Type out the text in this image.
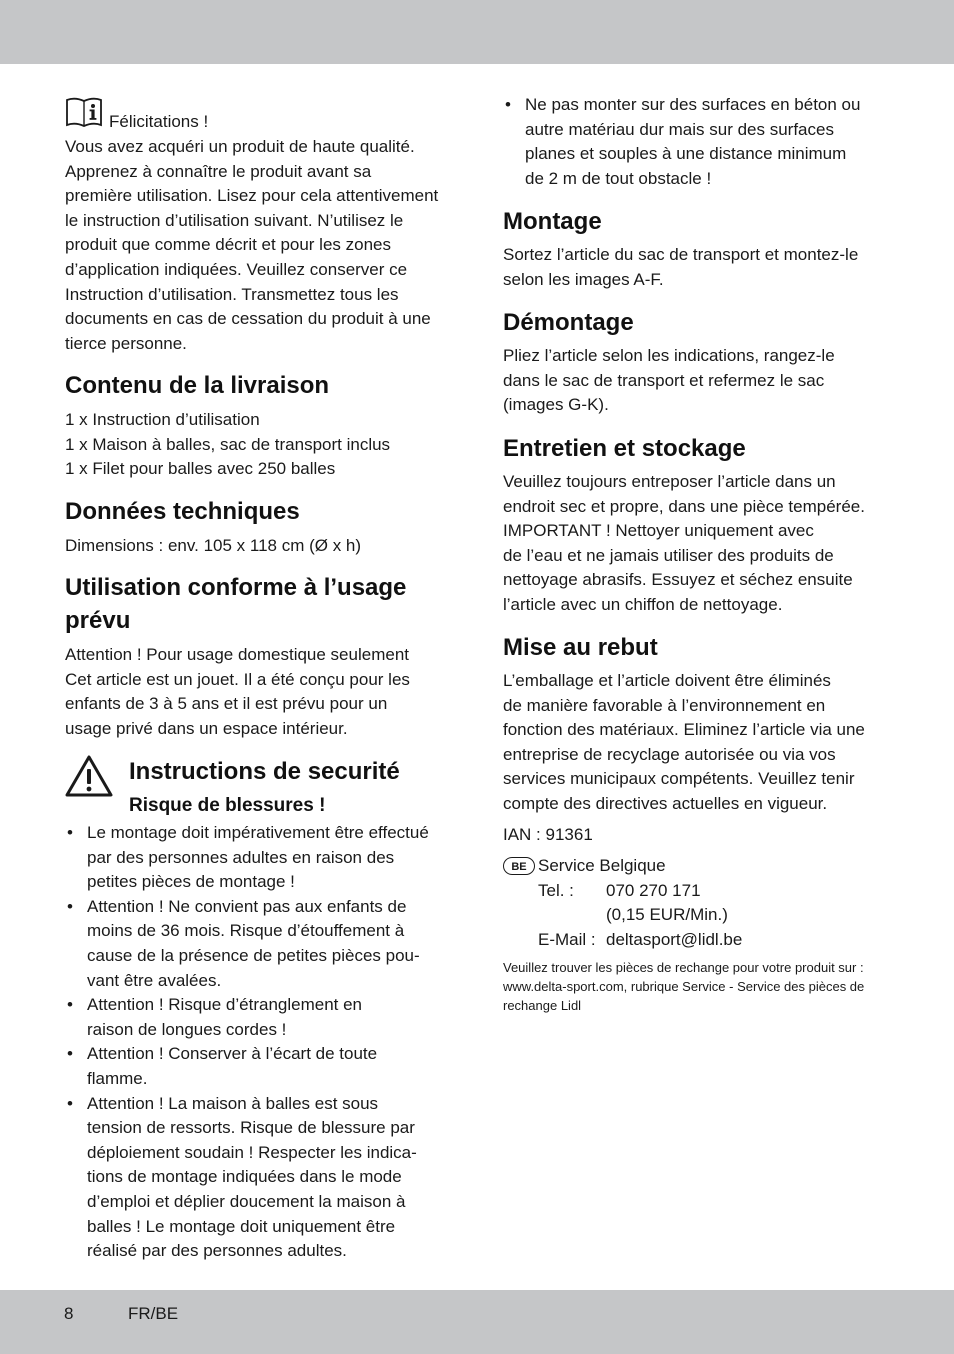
Félicitations !

Vous avez acquéri un produit de haute qualité.

Apprenez à connaître le produit avant sa

première utilisation. Lisez pour cela attentivement

le instruction d’utilisation suivant. N’utilisez le

produit que comme décrit et pour les zones

d’application indiquées. Veuillez conserver ce

Instruction d’utilisation. Transmettez tous les

documents en cas de cessation du produit à une

tierce personne.

Contenu de la livraison

1 x Instruction d’utilisation

1 x Maison à balles, sac de transport inclus

1 x Filet pour balles avec 250 balles

Données techniques

Dimensions : env. 105 x 118 cm (Ø x h)

Utilisation conforme à l’usage
prévu

Attention ! Pour usage domestique seulement

Cet article est un jouet. Il a été conçu pour les

enfants de 3 à 5 ans et il est prévu pour un

usage privé dans un espace intérieur.

Instructions de securité
Risque de blessures !
• Le montage doit impérativement être effectué
par des personnes adultes en raison des
petites pièces de montage !
• Attention ! Ne convient pas aux enfants de
moins de 36 mois. Risque d’étouffement à
cause de la présence de petites pièces pou-
vant être avalées.
• Attention ! Risque d’étranglement en
raison de longues cordes !
• Attention ! Conserver à l’écart de toute
flamme.
• Attention ! La maison à balles est sous
tension de ressorts. Risque de blessure par
déploiement soudain ! Respecter les indica-
tions de montage indiquées dans le mode
d’emploi et déplier doucement la maison à
balles ! Le montage doit uniquement être
réalisé par des personnes adultes.
• Ne pas monter sur des surfaces en béton ou
autre matériau dur mais sur des surfaces
planes et souples à une distance minimum
de 2 m de tout obstacle !
Montage

Sortez l’article du sac de transport et montez-le

selon les images A-F.

Démontage

Pliez l’article selon les indications, rangez-le

dans le sac de transport et refermez le sac

(images G-K).

Entretien et stockage

Veuillez toujours entreposer l’article dans un

endroit sec et propre, dans une pièce tempérée.

IMPORTANT ! Nettoyer uniquement avec

de l’eau et ne jamais utiliser des produits de

nettoyage abrasifs. Essuyez et séchez ensuite

l’article avec un chiffon de nettoyage.

Mise au rebut

L’emballage et l’article doivent être éliminés

de manière favorable à l’environnement en

fonction des matériaux. Eliminez l’article via une

entreprise de recyclage autorisée ou via vos

services municipaux compétents. Veuillez tenir

compte des directives actuelles en vigueur.

IAN : 91361

BE Service Belgique
Tel. : 070 270 171
(0,15 EUR/Min.)
E-Mail : deltasport@lidl.be

Veuillez trouver les pièces de rechange pour votre produit sur :

www.delta-sport.com, rubrique Service - Service des pièces de

rechange Lidl

8	FR/BE
